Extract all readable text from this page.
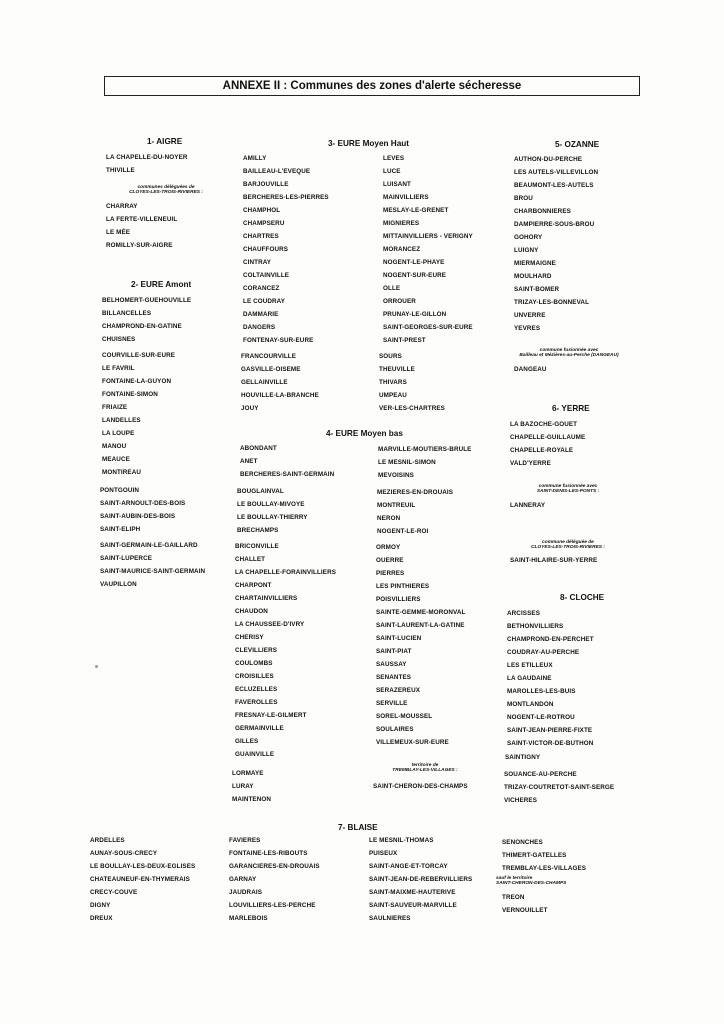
ANNEXE II : Communes des zones d'alerte sécheresse
1- AIGRE
LA CHAPELLE-DU-NOYER
THIVILLE
communes déléguées de
CLOYES-LES-TROIS-RIVIERES :
CHARRAY
LA FERTE-VILLENEUIL
LE MÉE
ROMILLY-SUR-AIGRE
2- EURE Amont
BELHOMERT-GUEHOUVILLE
BILLANCELLES
CHAMPROND-EN-GATINE
CHUISNES
COURVILLE-SUR-EURE
LE FAVRIL
FONTAINE-LA-GUYON
FONTAINE-SIMON
FRIAIZE
LANDELLES
LA LOUPE
MANOU
MEAUCE
MONTIREAU
PONTGOUIN
SAINT-ARNOULT-DES-BOIS
SAINT-AUBIN-DES-BOIS
SAINT-ELIPH
SAINT-GERMAIN-LE-GAILLARD
SAINT-LUPERCE
SAINT-MAURICE-SAINT-GERMAIN
VAUPILLON
3- EURE Moyen Haut
AMILLY
BAILLEAU-L'EVEQUE
BARJOUVILLE
BERCHERES-LES-PIERRES
CHAMPHOL
CHAMPSERU
CHARTRES
CHAUFFOURS
CINTRAY
COLTAINVILLE
CORANCEZ
LE COUDRAY
DAMMARIE
DANGERS
FONTENAY-SUR-EURE
FRANCOURVILLE
GASVILLE-OISEME
GELLAINVILLE
HOUVILLE-LA-BRANCHE
JOUY
LEVES
LUCE
LUISANT
MAINVILLIERS
MESLAY-LE-GRENET
MIGNIERES
MITTAINVILLIERS - VERIGNY
MORANCEZ
NOGENT-LE-PHAYE
NOGENT-SUR-EURE
OLLE
ORROUER
PRUNAY-LE-GILLON
SAINT-GEORGES-SUR-EURE
SAINT-PREST
SOURS
THEUVILLE
THIVARS
UMPEAU
VER-LES-CHARTRES
4- EURE Moyen bas
ABONDANT
ANET
BERCHERES-SAINT-GERMAIN
BOUGLAINVAL
LE BOULLAY-MIVOYE
LE BOULLAY-THIERRY
BRECHAMPS
BRICONVILLE
CHALLET
LA CHAPELLE-FORAINVILLIERS
CHARPONT
CHARTAINVILLIERS
CHAUDON
LA CHAUSSEE-D'IVRY
CHERISY
CLEVILLIERS
COULOMBS
CROISILLES
ECLUZELLES
FAVEROLLES
FRESNAY-LE-GILMERT
GERMAINVILLE
GILLES
GUAINVILLE
LORMAYE
LURAY
MAINTENON
MARVILLE-MOUTIERS-BRULE
LE MESNIL-SIMON
MEVOISINS
MEZIERES-EN-DROUAIS
MONTREUIL
NERON
NOGENT-LE-ROI
ORMOY
OUERRE
PIERRES
LES PINTHIERES
POISVILLIERS
SAINTE-GEMME-MORONVAL
SAINT-LAURENT-LA-GATINE
SAINT-LUCIEN
SAINT-PIAT
SAUSSAY
SENANTES
SERAZEREUX
SERVILLE
SOREL-MOUSSEL
SOULAIRES
VILLEMEUX-SUR-EURE
territoire de
TREMBLAY-LES-VILLAGES :
SAINT-CHERON-DES-CHAMPS
5- OZANNE
AUTHON-DU-PERCHE
LES AUTELS-VILLEVILLON
BEAUMONT-LES-AUTELS
BROU
CHARBONNIERES
DAMPIERRE-SOUS-BROU
GOHORY
LUIGNY
MIERMAIGNE
MOULHARD
SAINT-BOMER
TRIZAY-LES-BONNEVAL
UNVERRE
YEVRES
commune fusionnée avec
Bailleau et Mézières-au-Perche (DANGEAU)
DANGEAU
6- YERRE
LA BAZOCHE-GOUET
CHAPELLE-GUILLAUME
CHAPELLE-ROYALE
VALD'YERRE
commune fusionnée avec
SAINT-DENIS-LES-PONTS :
LANNERAY
commune déléguée de
CLOYES-LES-TROIS-RIVIERES :
SAINT-HILAIRE-SUR-YERRE
8- CLOCHE
ARCISSES
BETHONVILLIERS
CHAMPROND-EN-PERCHET
COUDRAY-AU-PERCHE
LES ETILLEUX
LA GAUDAINE
MAROLLES-LES-BUIS
MONTLANDON
NOGENT-LE-ROTROU
SAINT-JEAN-PIERRE-FIXTE
SAINT-VICTOR-DE-BUTHON
SAINTIGNY
SOUANCE-AU-PERCHE
TRIZAY-COUTRETOT-SAINT-SERGE
VICHERES
7- BLAISE
ARDELLES
AUNAY-SOUS-CRECY
LE BOULLAY-LES-DEUX-EGLISES
CHATEAUNEUF-EN-THYMERAIS
CRECY-COUVE
DIGNY
DREUX
FAVIERES
FONTAINE-LES-RIBOUTS
GARANCIERES-EN-DROUAIS
GARNAY
JAUDRAIS
LOUVILLIERS-LES-PERCHE
MARLEBOIS
LE MESNIL-THOMAS
PUISEUX
SAINT-ANGE-ET-TORCAY
SAINT-JEAN-DE-REBERVILLIERS
SAINT-MAIXME-HAUTERIVE
SAINT-SAUVEUR-MARVILLE
SAULNIERES
SENONCHES
THIMERT-GATELLES
TREMBLAY-LES-VILLAGES
sauf le territoire
SAINT-CHERON-DES-CHAMPS
TREON
VERNOUILLET
